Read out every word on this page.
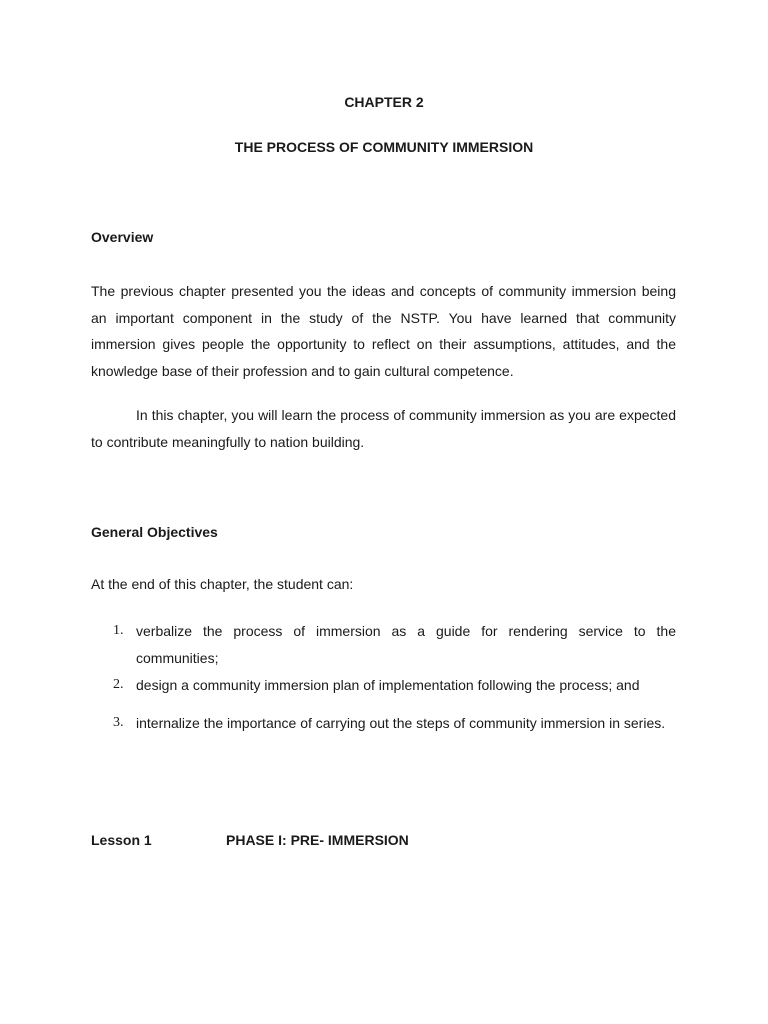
CHAPTER 2
THE PROCESS OF COMMUNITY IMMERSION
Overview

The previous chapter presented you the ideas and concepts of community immersion being an important component in the study of the NSTP. You have learned that community immersion gives people the opportunity to reflect on their assumptions, attitudes, and the knowledge base of their profession and to gain cultural competence.

In this chapter, you will learn the process of community immersion as you are expected to contribute meaningfully to nation building.

General Objectives

At the end of this chapter, the student can:

1. verbalize the process of immersion as a guide for rendering service to the communities;
2. design a community immersion plan of implementation following the process; and
3. internalize the importance of carrying out the steps of community immersion in series.
Lesson 1	PHASE I: PRE- IMMERSION
